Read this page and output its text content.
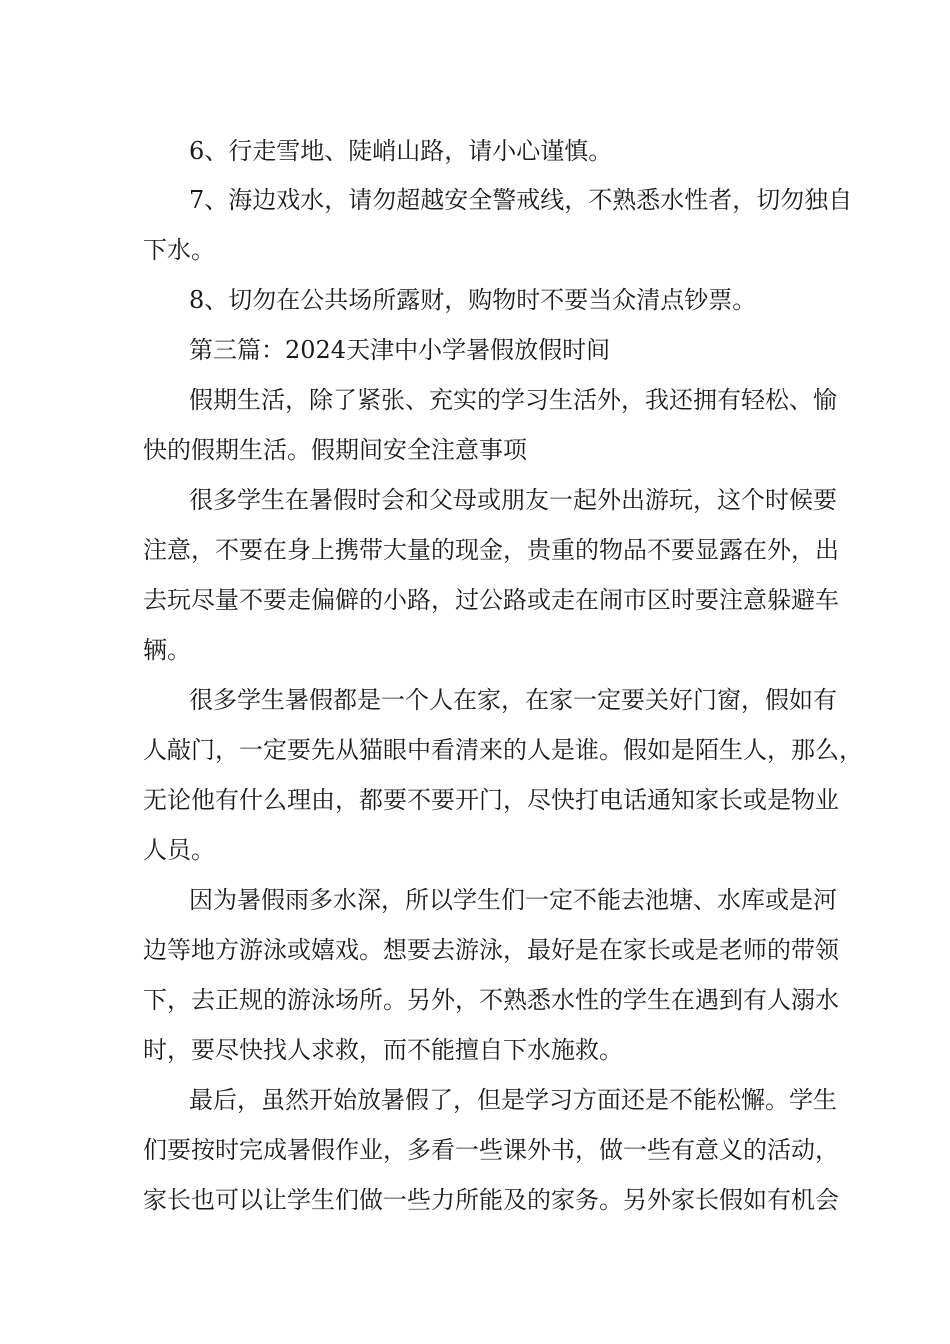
6、行走雪地、陡峭山路，请小心谨慎。
7、海边戏水，请勿超越安全警戒线，不熟悉水性者，切勿独自
下水。
8、切勿在公共场所露财，购物时不要当众清点钞票。
第三篇：2024天津中小学暑假放假时间
假期生活，除了紧张、充实的学习生活外，我还拥有轻松、愉
快的假期生活。假期间安全注意事项
很多学生在暑假时会和父母或朋友一起外出游玩，这个时候要
注意，不要在身上携带大量的现金，贵重的物品不要显露在外，出
去玩尽量不要走偏僻的小路，过公路或走在闹市区时要注意躲避车
辆。
很多学生暑假都是一个人在家，在家一定要关好门窗，假如有
人敲门，一定要先从猫眼中看清来的人是谁。假如是陌生人，那么，
无论他有什么理由，都要不要开门，尽快打电话通知家长或是物业
人员。
因为暑假雨多水深，所以学生们一定不能去池塘、水库或是河
边等地方游泳或嬉戏。想要去游泳，最好是在家长或是老师的带领
下，去正规的游泳场所。另外，不熟悉水性的学生在遇到有人溺水
时，要尽快找人求救，而不能擅自下水施救。
最后，虽然开始放暑假了，但是学习方面还是不能松懈。学生
们要按时完成暑假作业，多看一些课外书，做一些有意义的活动，
家长也可以让学生们做一些力所能及的家务。另外家长假如有机会
